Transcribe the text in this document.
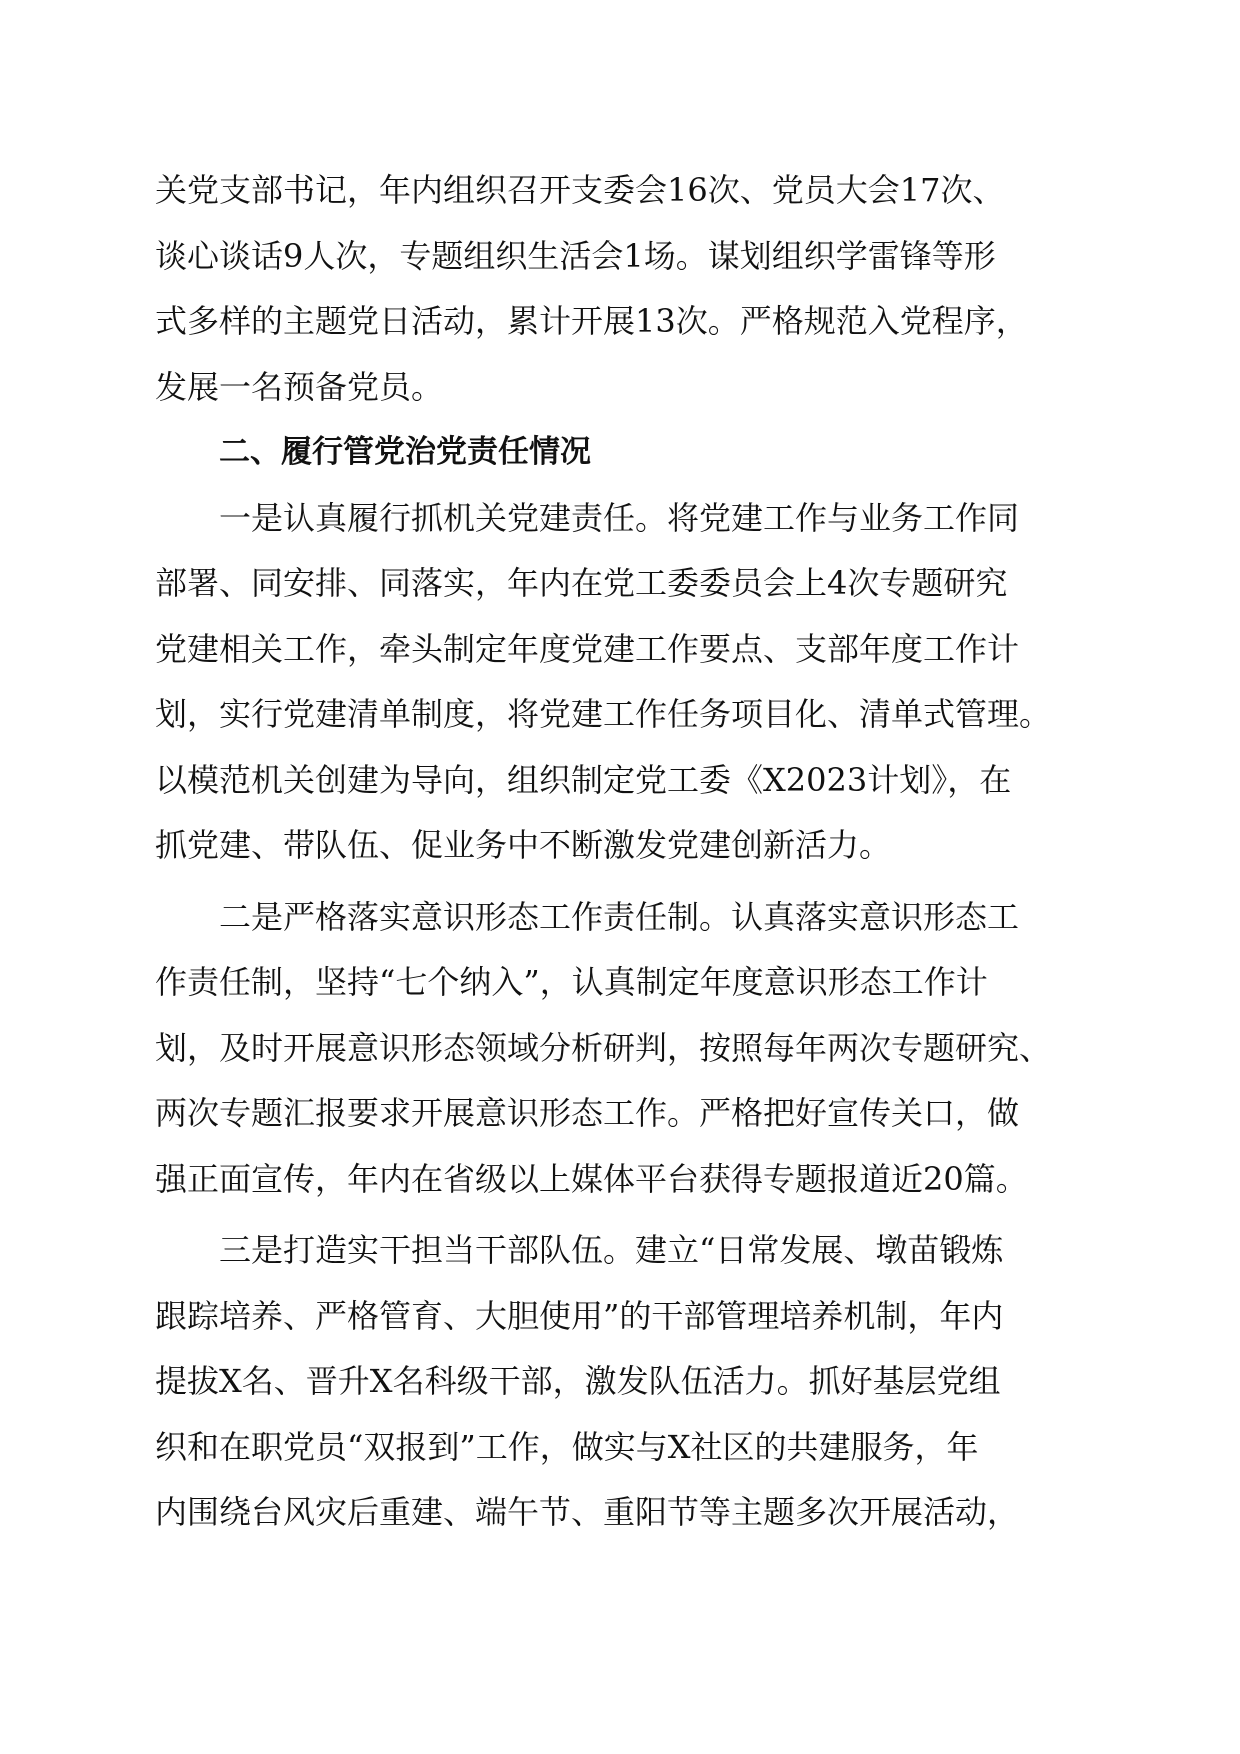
关党支部书记，年内组织召开支委会16次、党员大会17次、
谈心谈话9人次，专题组织生活会1场。谋划组织学雷锋等形
式多样的主题党日活动，累计开展13次。严格规范入党程序，
发展一名预备党员。
二、履行管党治党责任情况
一是认真履行抓机关党建责任。将党建工作与业务工作同
部署、同安排、同落实，年内在党工委委员会上4次专题研究
党建相关工作，牵头制定年度党建工作要点、支部年度工作计
划，实行党建清单制度，将党建工作任务项目化、清单式管理。
以模范机关创建为导向，组织制定党工委《X2023计划》，在
抓党建、带队伍、促业务中不断激发党建创新活力。
二是严格落实意识形态工作责任制。认真落实意识形态工
作责任制，坚持“七个纳入”，认真制定年度意识形态工作计
划，及时开展意识形态领域分析研判，按照每年两次专题研究、
两次专题汇报要求开展意识形态工作。严格把好宣传关口，做
强正面宣传，年内在省级以上媒体平台获得专题报道近20篇。
三是打造实干担当干部队伍。建立“日常发展、墩苗锻炼
跟踪培养、严格管育、大胆使用”的干部管理培养机制，年内
提拔X名、晋升X名科级干部，激发队伍活力。抓好基层党组
织和在职党员“双报到”工作，做实与X社区的共建服务，年
内围绕台风灾后重建、端午节、重阳节等主题多次开展活动，
